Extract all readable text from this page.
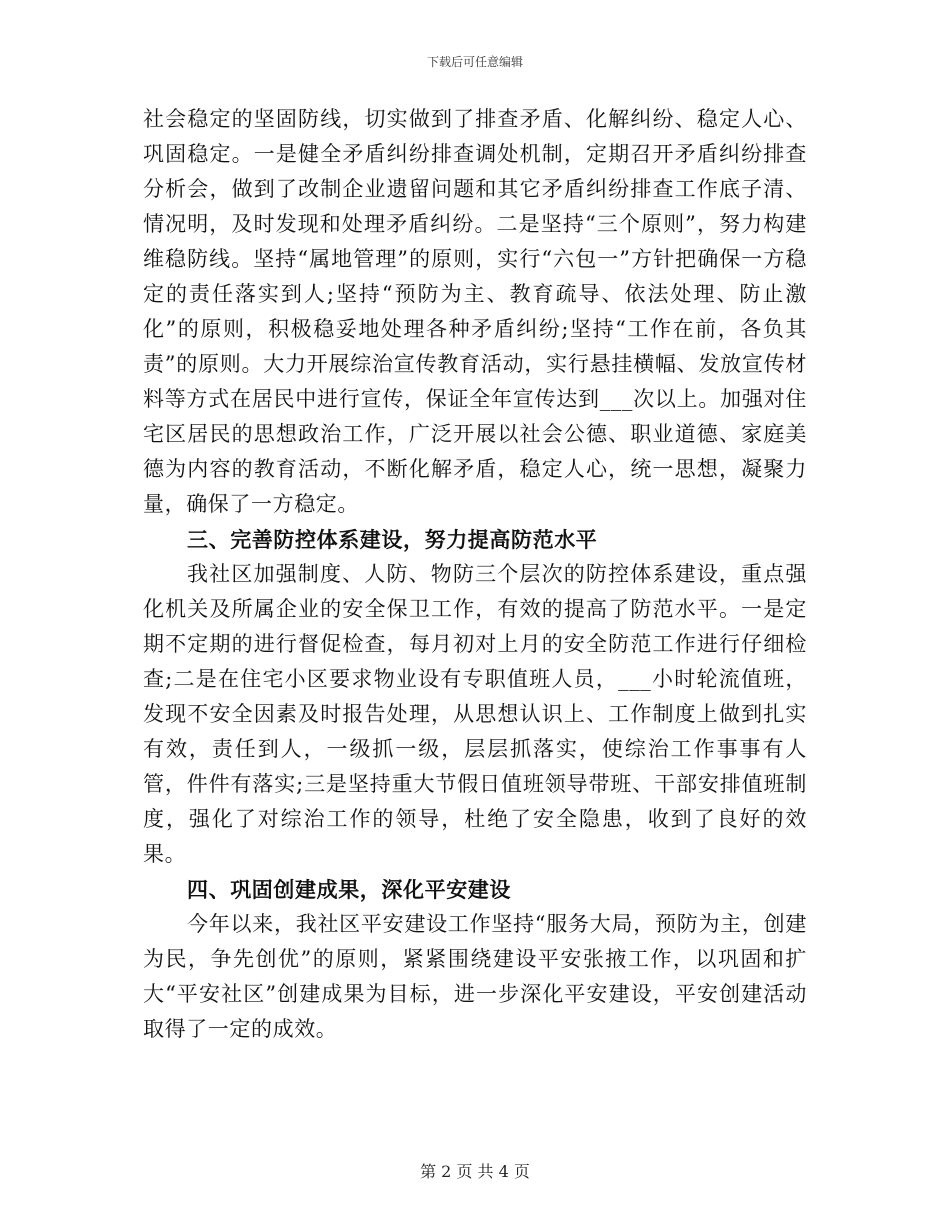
下载后可任意编辑

社会稳定的坚固防线，切实做到了排查矛盾、化解纠纷、稳定人心、巩固稳定。一是健全矛盾纠纷排查调处机制，定期召开矛盾纠纷排查分析会，做到了改制企业遗留问题和其它矛盾纠纷排查工作底子清、情况明，及时发现和处理矛盾纠纷。二是坚持“三个原则”，努力构建维稳防线。坚持“属地管理”的原则，实行“六包一”方针把确保一方稳定的责任落实到人;坚持“预防为主、教育疏导、依法处理、防止激化”的原则，积极稳妥地处理各种矛盾纠纷;坚持“工作在前，各负其责”的原则。大力开展综治宣传教育活动，实行悬挂横幅、发放宣传材料等方式在居民中进行宣传，保证全年宣传达到___次以上。加强对住宅区居民的思想政治工作，广泛开展以社会公德、职业道德、家庭美德为内容的教育活动，不断化解矛盾，稳定人心，统一思想，凝聚力量，确保了一方稳定。

三、完善防控体系建设，努力提高防范水平

我社区加强制度、人防、物防三个层次的防控体系建设，重点强化机关及所属企业的安全保卫工作，有效的提高了防范水平。一是定期不定期的进行督促检查，每月初对上月的安全防范工作进行仔细检查;二是在住宅小区要求物业设有专职值班人员，___小时轮流值班，发现不安全因素及时报告处理，从思想认识上、工作制度上做到扎实有效，责任到人，一级抓一级，层层抓落实，使综治工作事事有人管，件件有落实;三是坚持重大节假日值班领导带班、干部安排值班制度，强化了对综治工作的领导，杜绝了安全隐患，收到了良好的效果。

四、巩固创建成果，深化平安建设

今年以来，我社区平安建设工作坚持“服务大局，预防为主，创建为民，争先创优”的原则，紧紧围绕建设平安张掖工作，以巩固和扩大“平安社区”创建成果为目标，进一步深化平安建设，平安创建活动取得了一定的成效。

第 2 页 共 4 页
